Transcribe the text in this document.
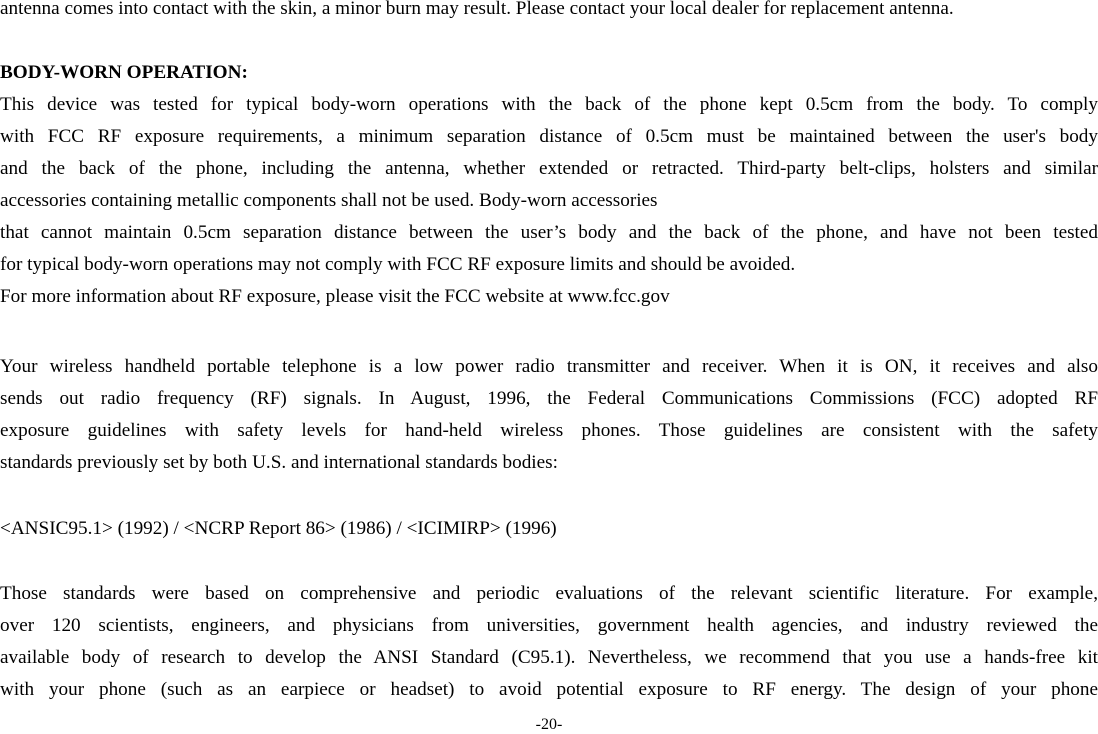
antenna comes into contact with the skin, a minor burn may result. Please contact your local dealer for replacement antenna.
BODY-WORN OPERATION:
This device was tested for typical body-worn operations with the back of the phone kept 0.5cm from the body. To comply
with FCC RF exposure requirements, a minimum separation distance of 0.5cm must be maintained between the user's body
and the back of the phone, including the antenna, whether extended or retracted. Third-party belt-clips, holsters and similar
accessories containing metallic components shall not be used. Body-worn accessories
that cannot maintain 0.5cm separation distance between the user’s body and the back of the phone, and have not been tested
for typical body-worn operations may not comply with FCC RF exposure limits and should be avoided.
For more information about RF exposure, please visit the FCC website at www.fcc.gov
Your wireless handheld portable telephone is a low power radio transmitter and receiver. When it is ON, it receives and also
sends out radio frequency (RF) signals. In August, 1996, the Federal Communications Commissions (FCC) adopted RF
exposure guidelines with safety levels for hand-held wireless phones. Those guidelines are consistent with the safety
standards previously set by both U.S. and international standards bodies:
<ANSIC95.1> (1992) / <NCRP Report 86> (1986) / <ICIMIRP> (1996)
Those standards were based on comprehensive and periodic evaluations of the relevant scientific literature. For example,
over 120 scientists, engineers, and physicians from universities, government health agencies, and industry reviewed the
available body of research to develop the ANSI Standard (C95.1). Nevertheless, we recommend that you use a hands-free kit
with your phone (such as an earpiece or headset) to avoid potential exposure to RF energy. The design of your phone
-20-
